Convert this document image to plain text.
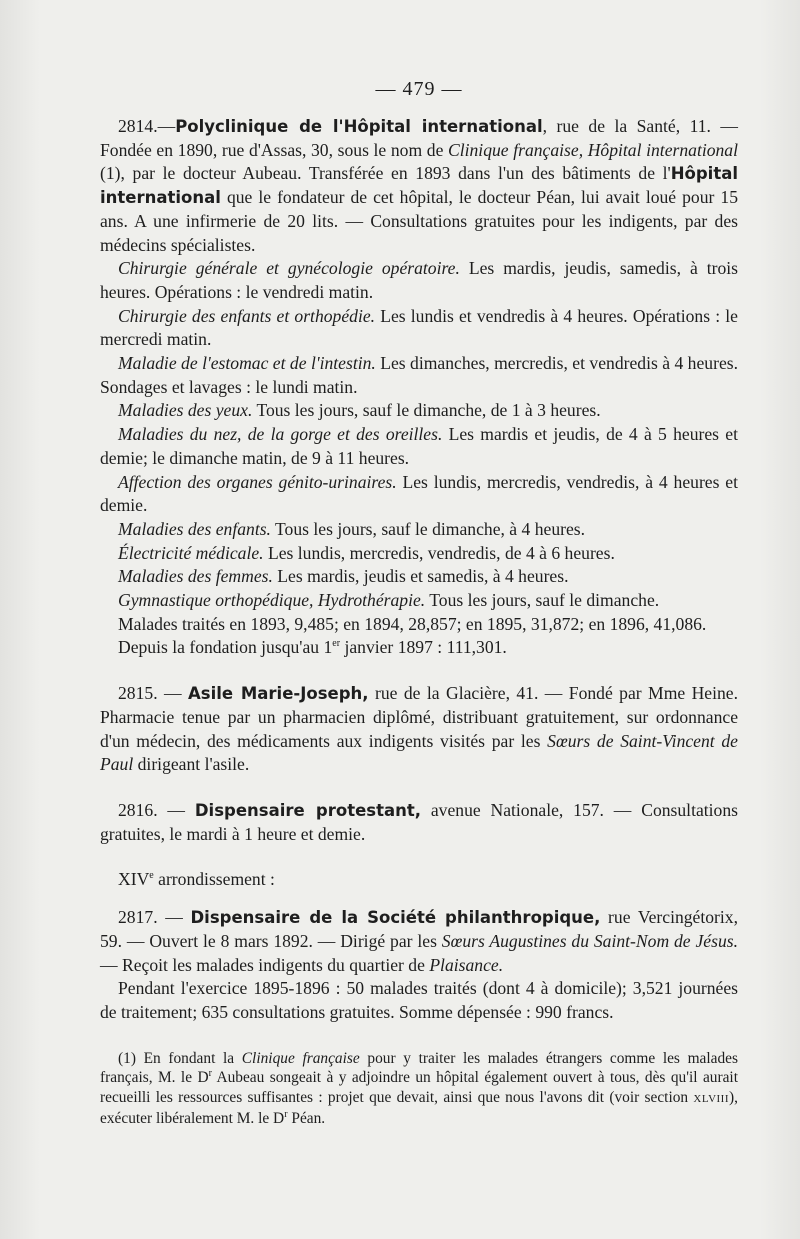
— 479 —

2814.—Polyclinique de l'Hôpital international, rue de la Santé, 11. — Fondée en 1890, rue d'Assas, 30, sous le nom de Clinique française, Hôpital international (1), par le docteur Aubeau. Transférée en 1893 dans l'un des bâtiments de l'Hôpital international que le fondateur de cet hôpital, le docteur Péan, lui avait loué pour 15 ans. A une infirmerie de 20 lits. — Consultations gratuites pour les indigents, par des médecins spécialistes.

Chirurgie générale et gynécologie opératoire. Les mardis, jeudis, samedis, à trois heures. Opérations : le vendredi matin.

Chirurgie des enfants et orthopédie. Les lundis et vendredis à 4 heures. Opérations : le mercredi matin.

Maladie de l'estomac et de l'intestin. Les dimanches, mercredis, et vendredis à 4 heures. Sondages et lavages : le lundi matin.

Maladies des yeux. Tous les jours, sauf le dimanche, de 1 à 3 heures.

Maladies du nez, de la gorge et des oreilles. Les mardis et jeudis, de 4 à 5 heures et demie; le dimanche matin, de 9 à 11 heures.

Affection des organes génito-urinaires. Les lundis, mercredis, vendredis, à 4 heures et demie.

Maladies des enfants. Tous les jours, sauf le dimanche, à 4 heures.

Électricité médicale. Les lundis, mercredis, vendredis, de 4 à 6 heures.

Maladies des femmes. Les mardis, jeudis et samedis, à 4 heures.

Gymnastique orthopédique, Hydrothérapie. Tous les jours, sauf le dimanche.

Malades traités en 1893, 9,485; en 1894, 28,857; en 1895, 31,872; en 1896, 41,086.

Depuis la fondation jusqu'au 1er janvier 1897 : 111,301.

2815. — Asile Marie-Joseph, rue de la Glacière, 41. — Fondé par Mme Heine. Pharmacie tenue par un pharmacien diplômé, distribuant gratuitement, sur ordonnance d'un médecin, des médicaments aux indigents visités par les Sœurs de Saint-Vincent de Paul dirigeant l'asile.

2816. — Dispensaire protestant, avenue Nationale, 157. — Consultations gratuites, le mardi à 1 heure et demie.

XIVe arrondissement :

2817. — Dispensaire de la Société philanthropique, rue Vercingétorix, 59. — Ouvert le 8 mars 1892. — Dirigé par les Sœurs Augustines du Saint-Nom de Jésus. — Reçoit les malades indigents du quartier de Plaisance.

Pendant l'exercice 1895-1896 : 50 malades traités (dont 4 à domicile); 3,521 journées de traitement; 635 consultations gratuites. Somme dépensée : 990 francs.

(1) En fondant la Clinique française pour y traiter les malades étrangers comme les malades français, M. le $D^r$ Aubeau songeait à y adjoindre un hôpital également ouvert à tous, dès qu'il aurait recueilli les ressources suffisantes : projet que devait, ainsi que nous l'avons dit (voir section XLVIII), exécuter libéralement M. le $D^r$ Péan.
